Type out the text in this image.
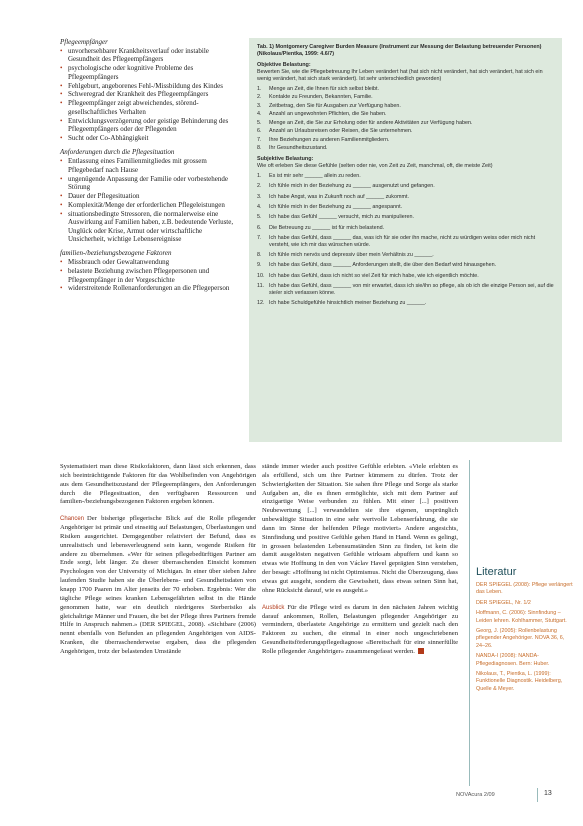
Pflegeempfänger
• unvorhersehbarer Krankheitsverlauf oder instabile Gesundheit des Pflegeempfängers
• psychologische oder kognitive Probleme des Pflegeempfängers
• Fehlgeburt, angeborenes Fehl-/Missbildung des Kindes
• Schweregrad der Krankheit des Pflegeempfängers
• Pflegeempfänger zeigt abweichendes, störend-gesellschaftliches Verhalten
• Entwicklungsverzögerung oder geistige Behinderung des Pflegeempfängers oder der Pflegenden
• Sucht oder Co-Abhängigkeit
Anforderungen durch die Pflegesituation
• Entlassung eines Familienmitgliedes mit grossem Pflegebedarf nach Hause
• ungenügende Anpassung der Familie oder vorbestehende Störung
• Dauer der Pflegesituation
• Komplexität/Menge der erforderlichen Pflegeleistungen
• situationsbedingte Stressoren, die normalerweise eine Auswirkung auf Familien haben, z.B. bedeutende Verluste, Unglück oder Krise, Armut oder wirtschaftliche Unsicherheit, wichtige Lebensereignisse
familien-/beziehungsbezogene Faktoren
• Missbrauch oder Gewaltanwendung
• belastete Beziehung zwischen Pflegepersonen und Pflegeempfänger in der Vorgeschichte
• widerstreitende Rollenanforderungen an die Pflegeperson
Tab. 1) Montgomery Caregiver Burden Measure (Instrument zur Messung der Belastung betreuender Personen) (Nikolaus/Pientka, 1999: 4.6/7)
Objektive Belastung:
Bewerten Sie, wie die Pflegebetreuung Ihr Leben verändert hat (hat sich nicht verändert, hat sich verändert, hat sich ein wenig verändert, hat sich stark verändert). Ist sehr unterschiedlich geworden)
1.	Menge an Zeit, die Ihnen für sich selbst bleibt.
2.	Kontakte zu Freunden, Bekannten, Familie.
3.	Zeitbetrag, den Sie für Ausgaben zur Verfügung haben.
4.	Anzahl an ungewohnten Pflichten, die Sie haben.
5.	Menge an Zeit, die Sie zur Erholung oder für andere Aktivitäten zur Verfügung haben.
6.	Anzahl an Urlaubsreisen oder Reisen, die Sie unternehmen.
7.	Ihre Beziehungen zu anderen Familienmitgliedern.
8.	Ihr Gesundheitszustand.
Subjektive Belastung:
Wie oft erleben Sie diese Gefühle (selten oder nie, von Zeit zu Zeit, manchmal, oft, die meiste Zeit)
1.	Es ist mir sehr ______ allein zu reden.
2.	Ich fühle mich in der Beziehung zu ______ ausgenutzt und gefangen.
3.	Ich habe Angst, was in Zukunft noch auf ______ zukommt.
4.	Ich fühle mich in der Beziehung zu ______ angespannt.
5.	Ich habe das Gefühl ______ versucht, mich zu manipulieren.
6.	Die Betreuung zu ______ ist für mich belastend.
7.	Ich habe das Gefühl, dass ______ das, was ich für sie oder ihn mache, nicht zu würdigen weiss oder mich nicht versteht, wie ich mir das wünschen würde.
8.	Ich fühle mich nervös und depressiv über mein Verhältnis zu ______.
9.	Ich habe das Gefühl, dass ______ Anforderungen stellt, die über den Bedarf wird hinausgehen.
10. Ich habe das Gefühl, dass ich nicht so viel Zeit für mich habe, wie ich eigentlich möchte.
11. Ich habe das Gefühl, dass ______ von mir erwartet, dass ich sie/ihn so pflege, als ob ich die einzige Person sei, auf die sie/er sich verlassen könne.
12. Ich habe Schuldgefühle hinsichtlich meiner Beziehung zu ______.

Systematisiert man diese Risikofaktoren, dann lässt sich erkennen, dass sich beeinträchtigende Faktoren für das Wohlbefinden von Angehörigen aus dem Gesundheitszustand der Pflegeempfängers, den Anforderungen durch die Pflegesituation, den verfügbaren Ressourcen und familien-/beziehungsbezogenen Faktoren ergeben können.

Chancen Der bisherige pflegerische Blick auf die Rolle pflegender Angehöriger ist primär und einseitig auf Belastungen, Überlastungen und Risiken ausgerichtet. Demgegenüber relativiert der Befund, dass es unrealistisch und lebensverleugnend sein kann, wogende Risiken für andere zu übernehmen. «Wer für seinen pflegebedürftigen Partner am Ende sorgt, lebt länger. Zu dieser überraschenden Einsicht kommen Psychologen von der University of Michigan. In einer über sieben Jahre laufenden Studie haben sie die Überlebens- und Gesundheitsdaten von knapp 1700 Paaren im Alter jenseits der 70 erhoben. Ergebnis: Wer die tägliche Pflege seines kranken Lebensgefährten selbst in die Hände genommen hatte, war ein deutlich niedrigeres Sterberisiko als gleichaltrige Männer und Frauen, die bei der Pflege ihres Partners fremde Hilfe in Anspruch nahmen.» (DER SPIEGEL, 2008). «Sichtbare (2006) nennt ebenfalls von Befunden an pflegenden Angehörigen von AIDS-Kranken, die überraschenderweise ergaben, dass die pflegenden Angehörigen, trotz der belastenden Umstände

stände immer wieder auch positive Gefühle erlebten. «Viele erlebten es als erfüllend, sich um ihre Partner kümmern zu dürfen. Trotz der Schwierigkeiten der Situation. Sie sahen ihre Pflege und Sorge als starke Aufgaben an, die es ihnen ermöglichte, sich mit dem Partner auf einzigartige Weise verbunden zu fühlen. Mit einer [...] positiven Neubewertung [...] verwandelten sie ihre eigenen, ursprünglich unbewältigte Situation in eine sehr wertvolle Lebenserfahrung, die sie dann im Sinne der helfenden Pflege motiviert» Andere angesichts, Sinnfindung und positive Gefühle gehen Hand in Hand. Wenn es gelingt, in grossen belastenden Lebensumständen Sinn zu finden, ist kein die damit ausgelösten negativen Gefühle wirksam abpuffern und kann so etwas wie Hoffnung in den von Václav Havel geprägten Sinn verstehen, der besagt: «Hoffnung ist nicht Optimismus. Nicht die Überzeugung, dass etwas gut ausgeht, sondern die Gewissheit, dass etwas seinen Sinn hat, ohne Rücksicht darauf, wie es ausgeht.»

Ausblick Für die Pflege wird es darum in den nächsten Jahren wichtig darauf ankommen, Rollen, Belastungen pflegender Angehöriger zu vermindern, überlastete Angehörige zu ermittern und gezielt nach den Faktoren zu suchen, die einmal in einer noch ungeschriebenen Gesundheitsförderungspflegediagnose «Bereitschaft für eine sinnerfüllte Rolle pflegender Angehöriger» zusammengefasst werden.

Literatur
DER SPIEGEL (2008): Pflege verlängert das Leben.
DER SPIEGEL, Nr. 1/2
Hoffmann, C. (2006): Sinnfindung – Leiden lehren. Kohlhammer, Stuttgart.
Georg, J. (2005): Rollenbelastung pflegender Angehöriger. NOVA 36, 6, 24–26.
NANDA-I (2008): NANDA-Pflegediagnosen. Bern: Huber.
Nikolaus, T., Pientka, L. (1999): Funktionelle Diagnostik. Heidelberg, Quelle & Meyer.
NOVAcura 2/09	13
